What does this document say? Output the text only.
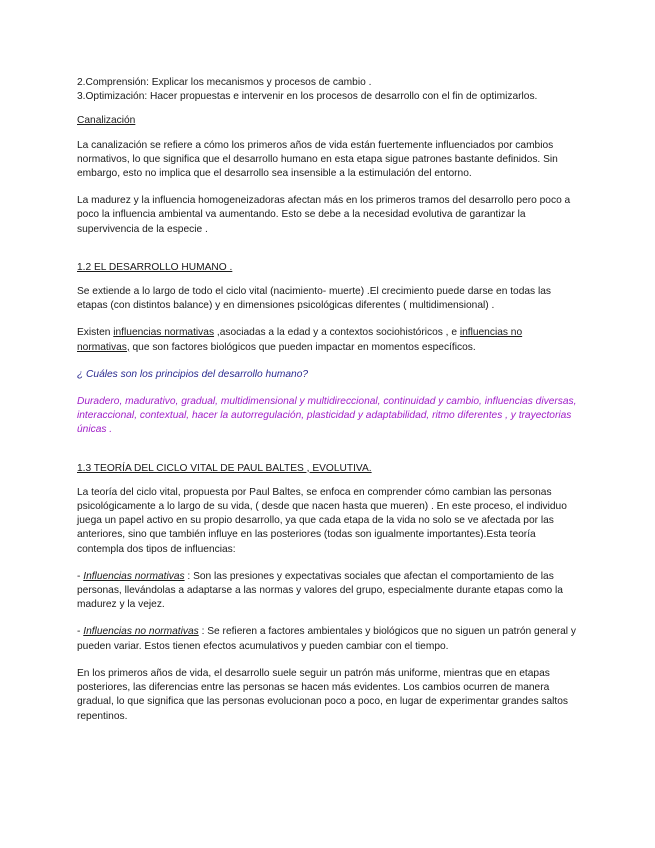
2.Comprensión: Explicar los mecanismos y procesos de cambio .

3.Optimización: Hacer propuestas e intervenir en los procesos de desarrollo con el fin de optimizarlos.

Canalización

La canalización se refiere a cómo los primeros años de vida están fuertemente influenciados por cambios normativos, lo que significa que el desarrollo humano en esta etapa sigue patrones bastante definidos. Sin embargo, esto no implica que el desarrollo sea insensible a la estimulación del entorno.

La madurez y la influencia homogeneizadoras afectan más en los primeros tramos del desarrollo pero poco a poco la influencia ambiental va aumentando. Esto se debe a la necesidad evolutiva de garantizar la supervivencia de la especie .

1.2 EL DESARROLLO HUMANO .

Se extiende a lo largo de todo el ciclo vital (nacimiento- muerte) .El crecimiento puede darse en todas las etapas (con distintos balance) y en dimensiones psicológicas diferentes ( multidimensional) .

Existen influencias normativas ,asociadas a la edad y a contextos sociohistóricos , e influencias no normativas, que son factores biológicos que pueden impactar en momentos específicos.

¿ Cuáles son los principios del desarrollo humano?

Duradero, madurativo, gradual, multidimensional y multidireccional, continuidad y cambio, influencias diversas, interaccional, contextual, hacer la autorregulación, plasticidad y adaptabilidad, ritmo diferentes , y trayectorias únicas .

1.3 TEORÍA DEL CICLO VITAL DE PAUL BALTES , EVOLUTIVA.

La teoría del ciclo vital, propuesta por Paul Baltes, se enfoca en comprender cómo cambian las personas psicológicamente a lo largo de su vida, ( desde que nacen hasta que mueren) . En este proceso, el individuo juega un papel activo en su propio desarrollo, ya que cada etapa de la vida no solo se ve afectada por las anteriores, sino que también influye en las posteriores (todas son igualmente importantes).Esta teoría contempla dos tipos de influencias:

- Influencias normativas : Son las presiones y expectativas sociales que afectan el comportamiento de las personas, llevándolas a adaptarse a las normas y valores del grupo, especialmente durante etapas como la madurez y la vejez.

- Influencias no normativas : Se refieren a factores ambientales y biológicos que no siguen un patrón general y pueden variar. Estos tienen efectos acumulativos y pueden cambiar con el tiempo.

En los primeros años de vida, el desarrollo suele seguir un patrón más uniforme, mientras que en etapas posteriores, las diferencias entre las personas se hacen más evidentes. Los cambios ocurren de manera gradual, lo que significa que las personas evolucionan poco a poco, en lugar de experimentar grandes saltos repentinos.
